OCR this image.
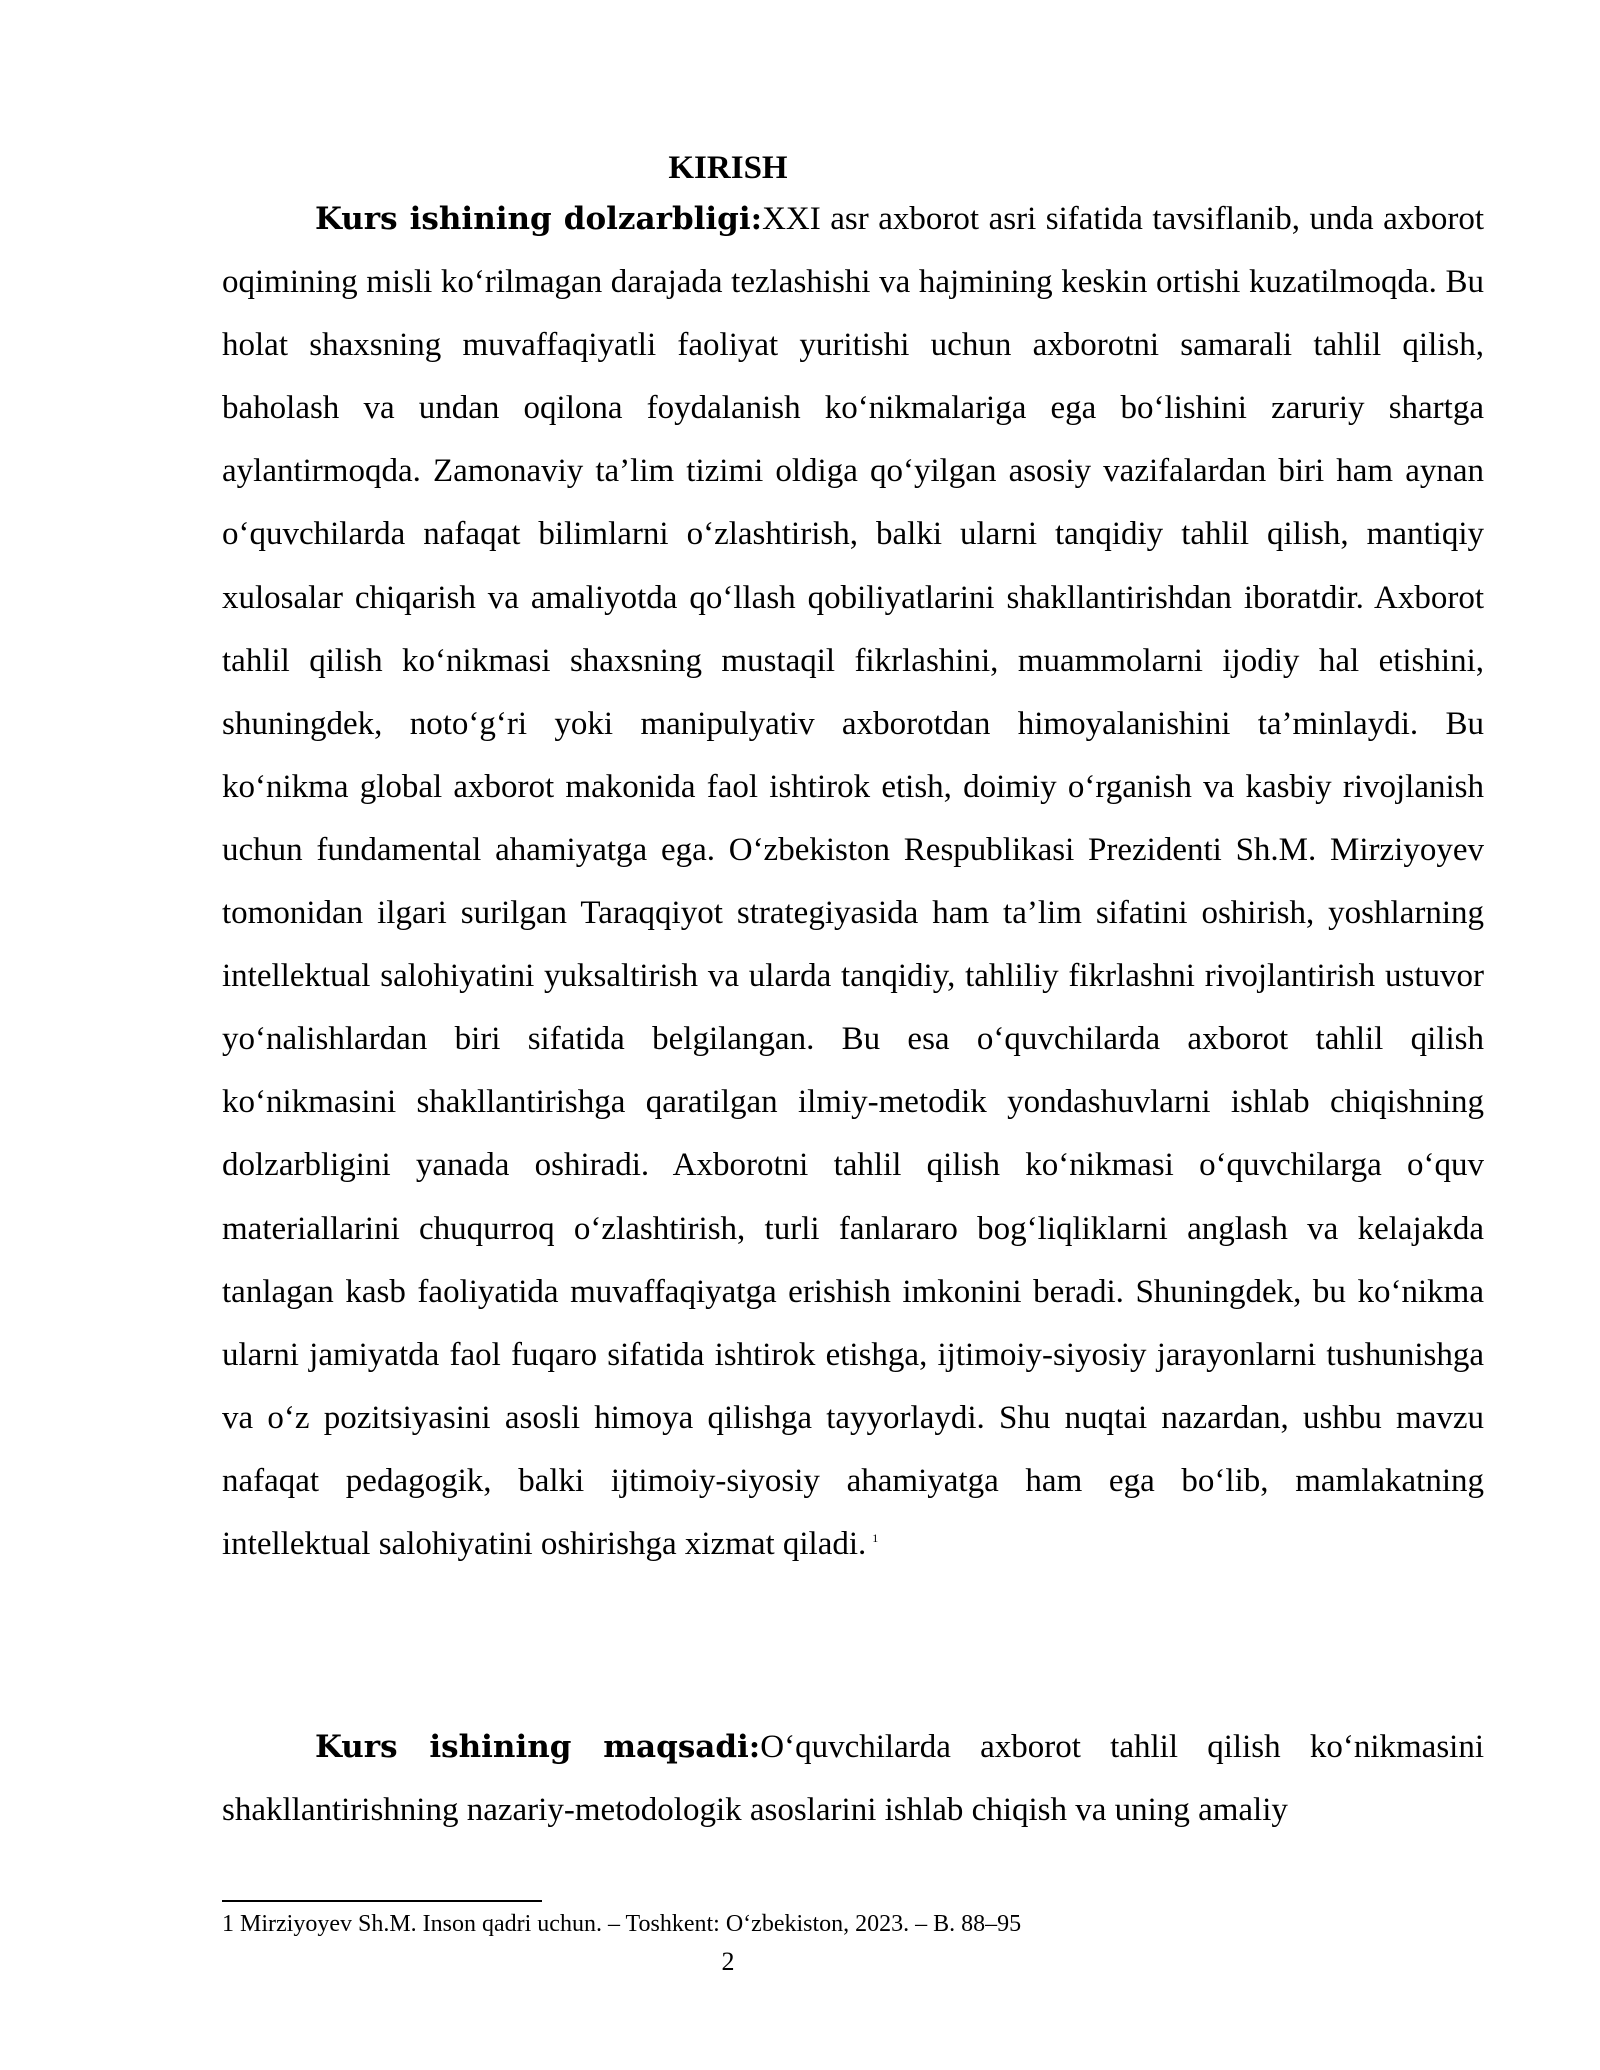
KIRISH

Kurs ishining dolzarbligi:XXI asr axborot asri sifatida tavsiflanib, unda axborot oqimining misli ko‘rilmagan darajada tezlashishi va hajmining keskin ortishi kuzatilmoqda. Bu holat shaxsning muvaffaqiyatli faoliyat yuritishi uchun axborotni samarali tahlil qilish, baholash va undan oqilona foydalanish ko‘nikmalariga ega bo‘lishini zaruriy shartga aylantirmoqda. Zamonaviy ta’lim tizimi oldiga qo‘yilgan asosiy vazifalardan biri ham aynan o‘quvchilarda nafaqat bilimlarni o‘zlashtirish, balki ularni tanqidiy tahlil qilish, mantiqiy xulosalar chiqarish va amaliyotda qo‘llash qobiliyatlarini shakllantirishdan iboratdir. Axborot tahlil qilish ko‘nikmasi shaxsning mustaqil fikrlashini, muammolarni ijodiy hal etishini, shuningdek, noto‘g‘ri yoki manipulyativ axborotdan himoyalanishini ta’minlaydi. Bu ko‘nikma global axborot makonida faol ishtirok etish, doimiy o‘rganish va kasbiy rivojlanish uchun fundamental ahamiyatga ega. O‘zbekiston Respublikasi Prezidenti Sh.M. Mirziyoyev tomonidan ilgari surilgan Taraqqiyot strategiyasida ham ta’lim sifatini oshirish, yoshlarning intellektual salohiyatini yuksaltirish va ularda tanqidiy, tahliliy fikrlashni rivojlantirish ustuvor yo‘nalishlardan biri sifatida belgilangan. Bu esa o‘quvchilarda axborot tahlil qilish ko‘nikmasini shakllantirishga qaratilgan ilmiy-metodik yondashuvlarni ishlab chiqishning dolzarbligini yanada oshiradi. Axborotni tahlil qilish ko‘nikmasi o‘quvchilarga o‘quv materiallarini chuqurroq o‘zlashtirish, turli fanlararo bog‘liqliklarni anglash va kelajakda tanlagan kasb faoliyatida muvaffaqiyatga erishish imkonini beradi. Shuningdek, bu ko‘nikma ularni jamiyatda faol fuqaro sifatida ishtirok etishga, ijtimoiy-siyosiy jarayonlarni tushunishga va o‘z pozitsiyasini asosli himoya qilishga tayyorlaydi. Shu nuqtai nazardan, ushbu mavzu nafaqat pedagogik, balki ijtimoiy-siyosiy ahamiyatga ham ega bo‘lib, mamlakatning intellektual salohiyatini oshirishga xizmat qiladi. $^1$

Kurs ishining maqsadi:O‘quvchilarda axborot tahlil qilish ko‘nikmasini shakllantirishning nazariy-metodologik asoslarini ishlab chiqish va uning amaliy

1 Mirziyoyev Sh.M. Inson qadri uchun. – Toshkent: O‘zbekiston, 2023. – B. 88–95

2
